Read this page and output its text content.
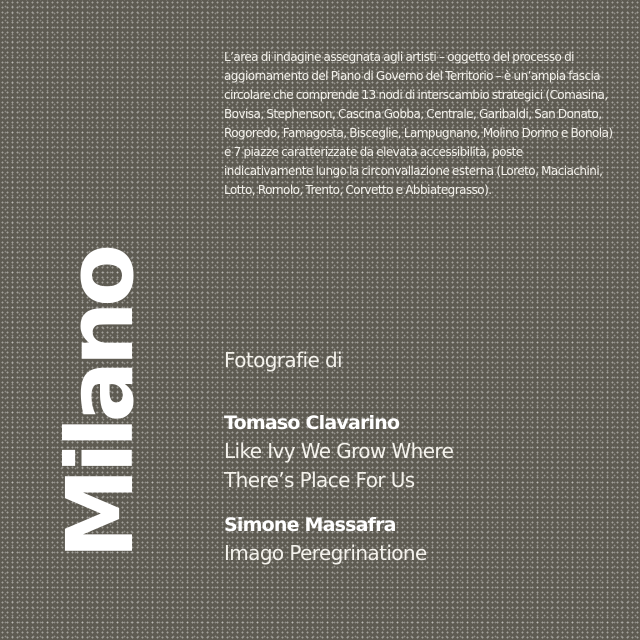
Milano

L’area di indagine assegnata agli artisti – oggetto del processo di aggiornamento del Piano di Governo del Territorio – è un’ampia fascia circolare che comprende 13 nodi di interscambio strategici (Comasina, Bovisa, Stephenson, Cascina Gobba, Centrale, Garibaldi, San Donato, Rogoredo, Famagosta, Bisceglie, Lampugnano, Molino Dorino e Bonola) e 7 piazze caratterizzate da elevata accessibilità, poste indicativamente lungo la circonvallazione esterna (Loreto, Maciachini, Lotto, Romolo, Trento, Corvetto e Abbiategrasso).

Fotografie di

Tomaso Clavarino

Like Ivy We Grow Where There’s Place For Us

Simone Massafra

Imago Peregrinatione
